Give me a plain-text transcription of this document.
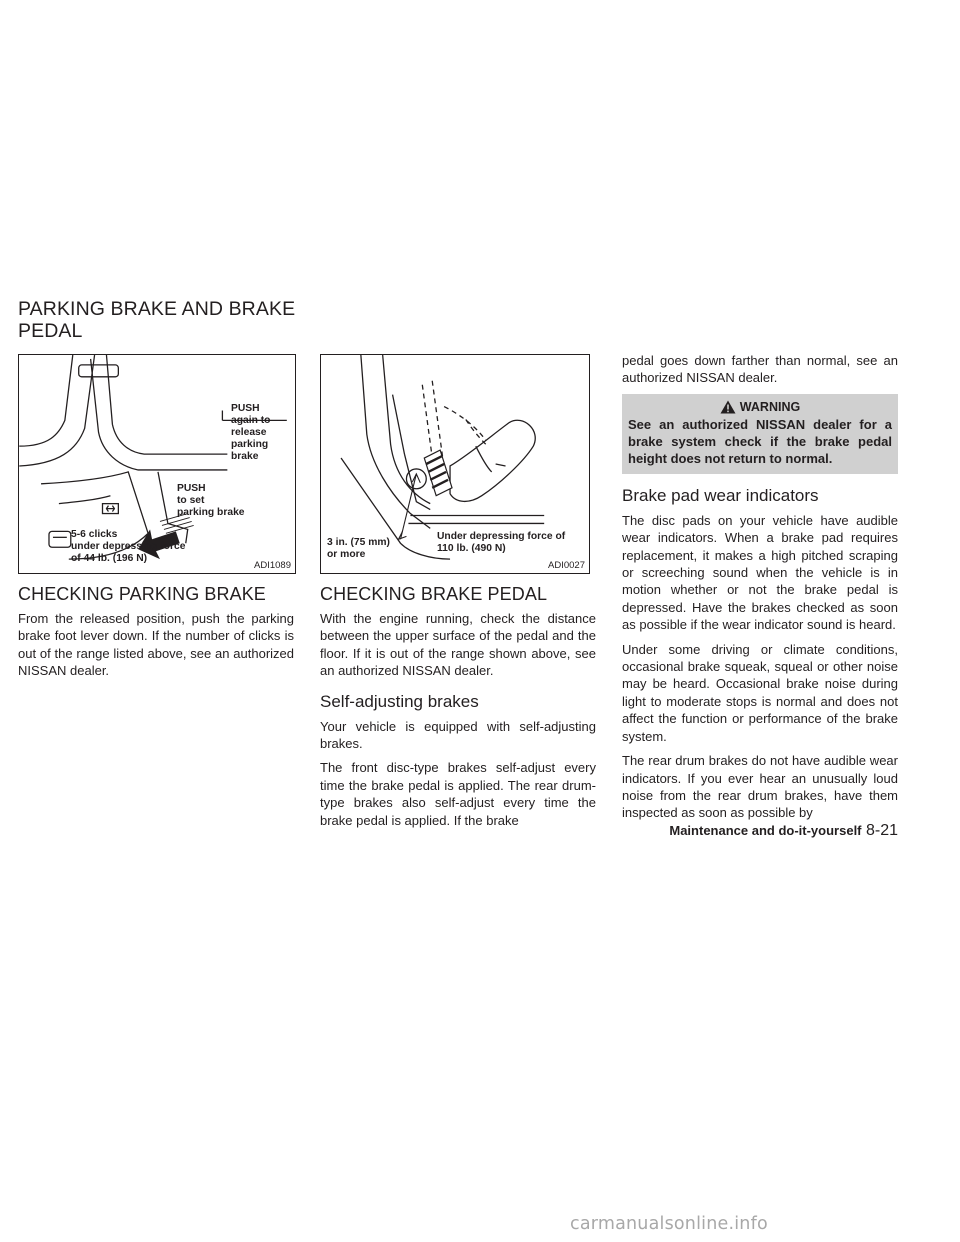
PARKING BRAKE AND BRAKE PEDAL
PUSH
again to
release
parking
brake
PUSH
to set
parking brake
5-6 clicks
under depressing force
of 44 lb. (196 N)
ADI1089
3 in. (75 mm)
or more
Under depressing force of
110 lb. (490 N)
ADI0027
CHECKING PARKING BRAKE

From the released position, push the parking brake foot lever down. If the number of clicks is out of the range listed above, see an authorized NISSAN dealer.

CHECKING BRAKE PEDAL

With the engine running, check the distance between the upper surface of the pedal and the floor. If it is out of the range shown above, see an authorized NISSAN dealer.

Self-adjusting brakes

Your vehicle is equipped with self-adjusting brakes.

The front disc-type brakes self-adjust every time the brake pedal is applied. The rear drum-type brakes also self-adjust every time the brake pedal is applied. If the brake

pedal goes down farther than normal, see an authorized NISSAN dealer.

WARNING
See an authorized NISSAN dealer for a brake system check if the brake pedal height does not return to normal.
Brake pad wear indicators

The disc pads on your vehicle have audible wear indicators. When a brake pad requires replacement, it makes a high pitched scraping or screeching sound when the vehicle is in motion whether or not the brake pedal is depressed. Have the brakes checked as soon as possible if the wear indicator sound is heard.

Under some driving or climate conditions, occasional brake squeak, squeal or other noise may be heard. Occasional brake noise during light to moderate stops is normal and does not affect the function or performance of the brake system.

The rear drum brakes do not have audible wear indicators. If you ever hear an unusually loud noise from the rear drum brakes, have them inspected as soon as possible by

Maintenance and do-it-yourself 8-21
carmanualsonline.info
